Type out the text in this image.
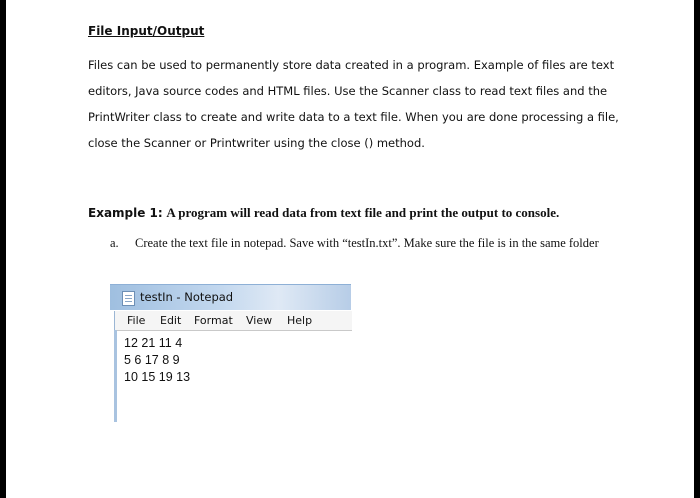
File Input/Output
Files can be used to permanently store data created in a program. Example of files are text editors, Java source codes and HTML files. Use the Scanner class to read text files and the PrintWriter class to create and write data to a text file. When you are done processing a file, close the Scanner or Printwriter using the close () method.
Example 1: A program will read data from text file and print the output to console.
a. Create the text file in notepad. Save with “testIn.txt”. Make sure the file is in the same folder
testIn - Notepad
File Edit Format View Help
12 21 11 4
5 6 17 8 9
10 15 19 13
